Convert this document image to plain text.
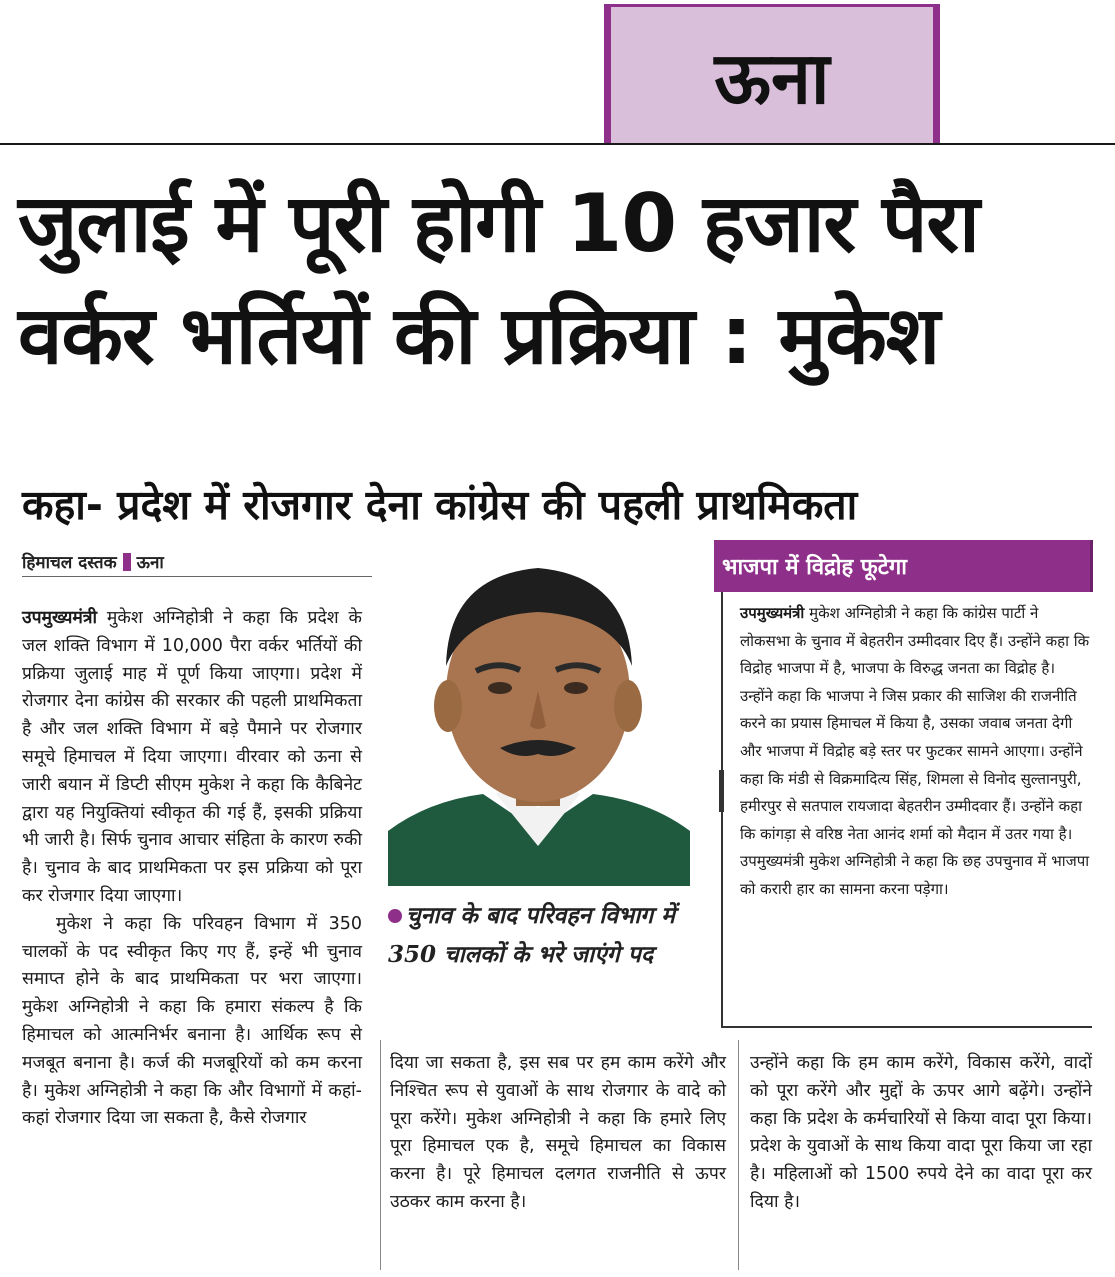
ऊना
जुलाई में पूरी होगी 10 हजार पैरा
वर्कर भर्तियों की प्रक्रिया : मुकेश
कहा- प्रदेश में रोजगार देना कांग्रेस की पहली प्राथमिकता
हिमाचल दस्तक ऊना

उपमुख्यमंत्री मुकेश अग्निहोत्री ने कहा कि प्रदेश के जल शक्ति विभाग में 10,000 पैरा वर्कर भर्तियों की प्रक्रिया जुलाई माह में पूर्ण किया जाएगा। प्रदेश में रोजगार देना कांग्रेस की सरकार की पहली प्राथमिकता है और जल शक्ति विभाग में बड़े पैमाने पर रोजगार समूचे हिमाचल में दिया जाएगा। वीरवार को ऊना से जारी बयान में डिप्टी सीएम मुकेश ने कहा कि कैबिनेट द्वारा यह नियुक्तियां स्वीकृत की गई हैं, इसकी प्रक्रिया भी जारी है। सिर्फ चुनाव आचार संहिता के कारण रुकी है। चुनाव के बाद प्राथमिकता पर इस प्रक्रिया को पूरा कर रोजगार दिया जाएगा।

मुकेश ने कहा कि परिवहन विभाग में 350 चालकों के पद स्वीकृत किए गए हैं, इन्हें भी चुनाव समाप्त होने के बाद प्राथमिकता पर भरा जाएगा। मुकेश अग्निहोत्री ने कहा कि हमारा संकल्प है कि हिमाचल को आत्मनिर्भर बनाना है। आर्थिक रूप से मजबूत बनाना है। कर्ज की मजबूरियों को कम करना है। मुकेश अग्निहोत्री ने कहा कि और विभागों में कहां-कहां रोजगार दिया जा सकता है, कैसे रोजगार

चुनाव के बाद परिवहन विभाग में 350 चालकों के भरे जाएंगे पद
भाजपा में विद्रोह फूटेगा
उपमुख्यमंत्री मुकेश अग्निहोत्री ने कहा कि कांग्रेस पार्टी ने लोकसभा के चुनाव में बेहतरीन उम्मीदवार दिए हैं। उन्होंने कहा कि विद्रोह भाजपा में है, भाजपा के विरुद्ध जनता का विद्रोह है। उन्होंने कहा कि भाजपा ने जिस प्रकार की साजिश की राजनीति करने का प्रयास हिमाचल में किया है, उसका जवाब जनता देगी और भाजपा में विद्रोह बड़े स्तर पर फुटकर सामने आएगा। उन्होंने कहा कि मंडी से विक्रमादित्य सिंह, शिमला से विनोद सुल्तानपुरी, हमीरपुर से सतपाल रायजादा बेहतरीन उम्मीदवार हैं। उन्होंने कहा कि कांगड़ा से वरिष्ठ नेता आनंद शर्मा को मैदान में उतर गया है। उपमुख्यमंत्री मुकेश अग्निहोत्री ने कहा कि छह उपचुनाव में भाजपा को करारी हार का सामना करना पड़ेगा।

दिया जा सकता है, इस सब पर हम काम करेंगे और निश्चित रूप से युवाओं के साथ रोजगार के वादे को पूरा करेंगे। मुकेश अग्निहोत्री ने कहा कि हमारे लिए पूरा हिमाचल एक है, समूचे हिमाचल का विकास करना है। पूरे हिमाचल दलगत राजनीति से ऊपर उठकर काम करना है।

उन्होंने कहा कि हम काम करेंगे, विकास करेंगे, वादों को पूरा करेंगे और मुद्दों के ऊपर आगे बढ़ेंगे। उन्होंने कहा कि प्रदेश के कर्मचारियों से किया वादा पूरा किया। प्रदेश के युवाओं के साथ किया वादा पूरा किया जा रहा है। महिलाओं को 1500 रुपये देने का वादा पूरा कर दिया है।
